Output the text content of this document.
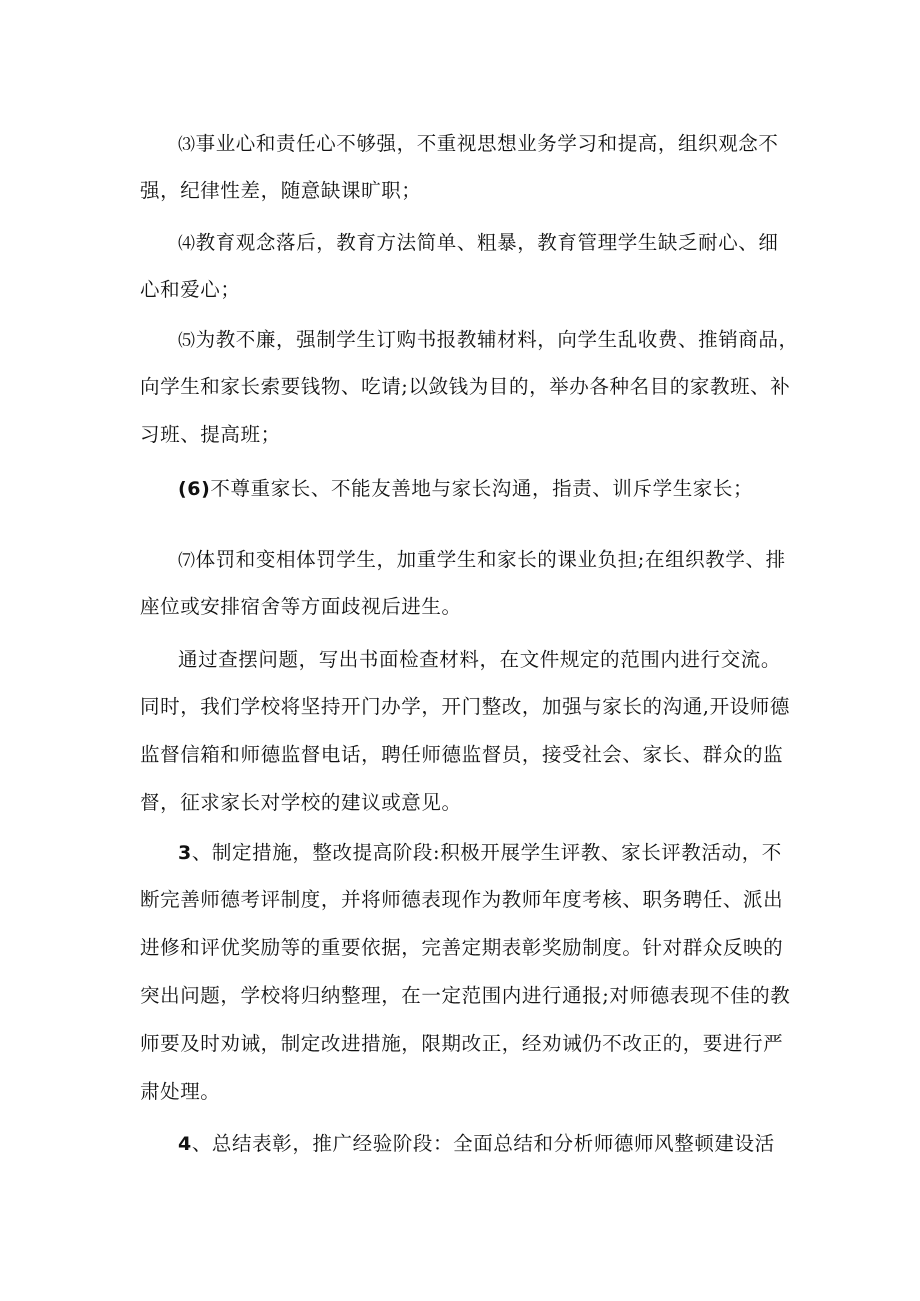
⑶事业心和责任心不够强，不重视思想业务学习和提高，组织观念不
强，纪律性差，随意缺课旷职；
⑷教育观念落后，教育方法简单、粗暴，教育管理学生缺乏耐心、细
心和爱心；
⑸为教不廉，强制学生订购书报教辅材料，向学生乱收费、推销商品，
向学生和家长索要钱物、吃请;以敛钱为目的，举办各种名目的家教班、补
习班、提高班；
(6)不尊重家长、不能友善地与家长沟通，指责、训斥学生家长；
⑺体罚和变相体罚学生，加重学生和家长的课业负担;在组织教学、排
座位或安排宿舍等方面歧视后进生。
通过查摆问题，写出书面检查材料，在文件规定的范围内进行交流。
同时，我们学校将坚持开门办学，开门整改，加强与家长的沟通,开设师德
监督信箱和师德监督电话，聘任师德监督员，接受社会、家长、群众的监
督，征求家长对学校的建议或意见。
3、制定措施，整改提高阶段:积极开展学生评教、家长评教活动，不
断完善师德考评制度，并将师德表现作为教师年度考核、职务聘任、派出
进修和评优奖励等的重要依据，完善定期表彰奖励制度。针对群众反映的
突出问题，学校将归纳整理，在一定范围内进行通报;对师德表现不佳的教
师要及时劝诫，制定改进措施，限期改正，经劝诫仍不改正的，要进行严
肃处理。
4、总结表彰，推广经验阶段：全面总结和分析师德师风整顿建设活
